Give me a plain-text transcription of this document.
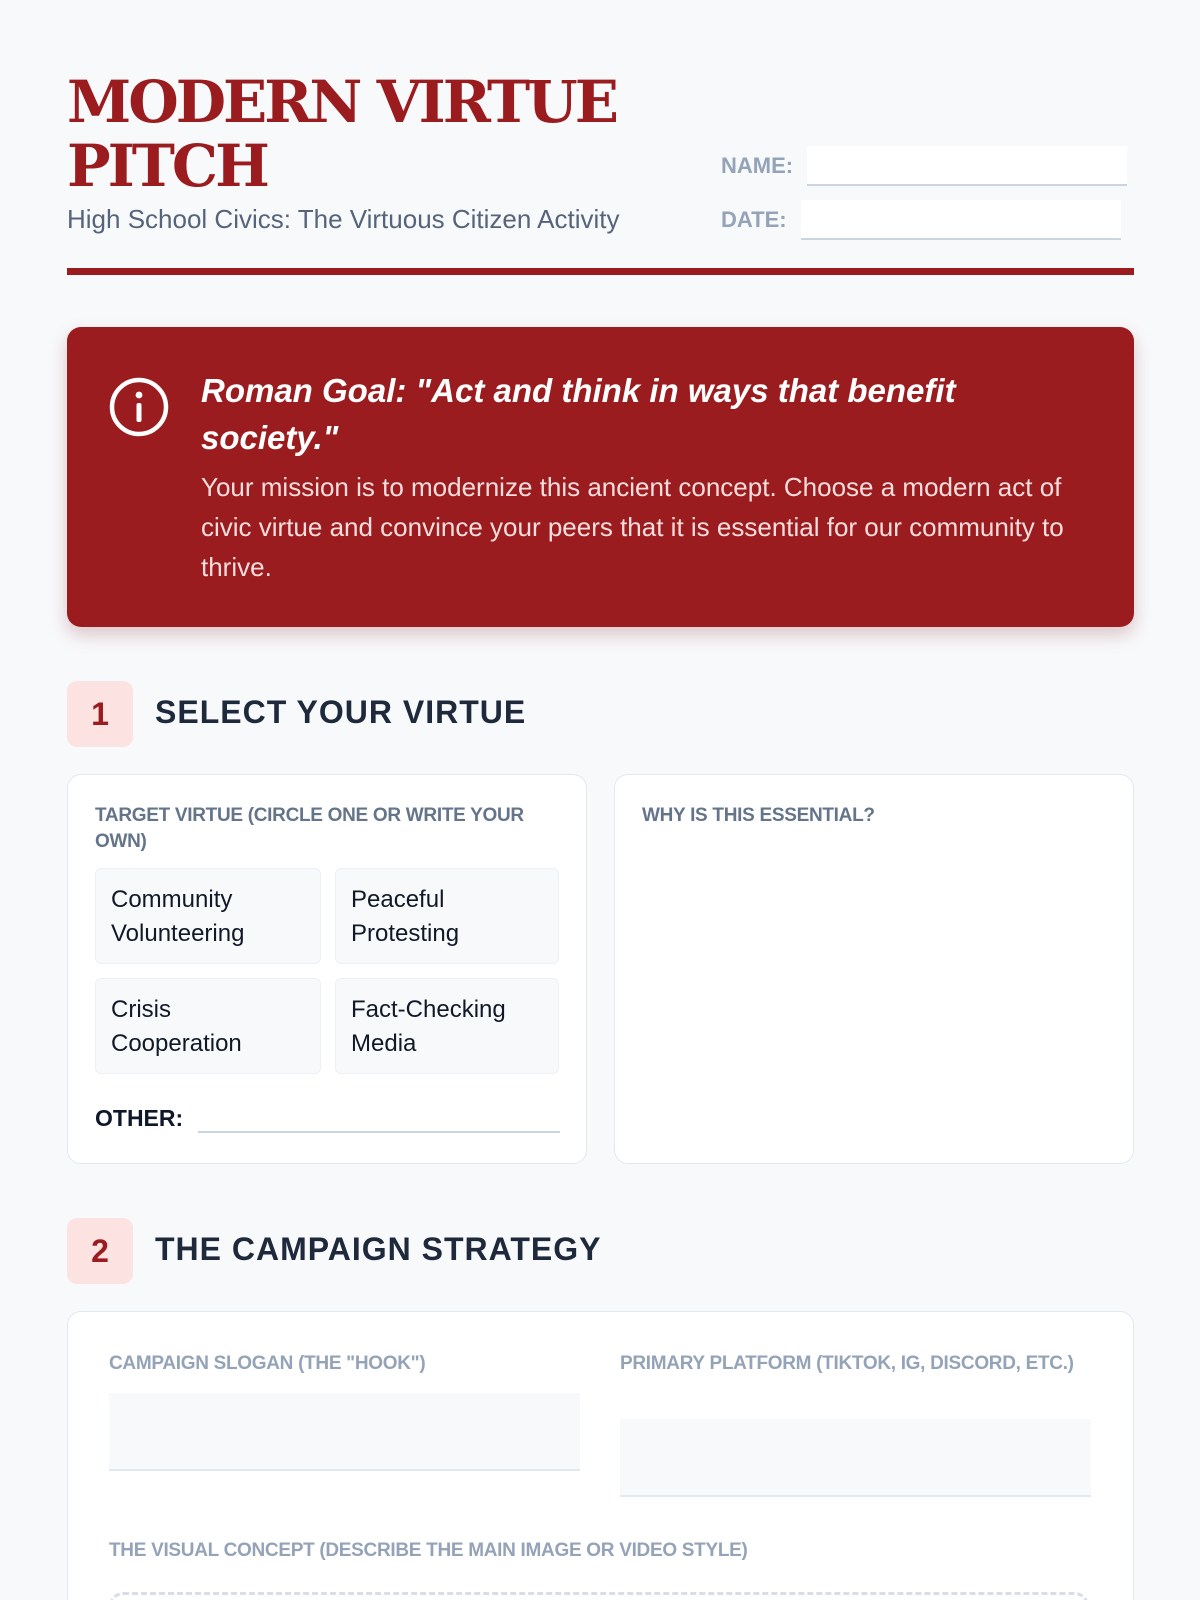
MODERN VIRTUE PITCH
High School Civics: The Virtuous Citizen Activity
NAME:
DATE:
Roman Goal: "Act and think in ways that benefit society."
Your mission is to modernize this ancient concept. Choose a modern act of civic virtue and convince your peers that it is essential for our community to thrive.
1	SELECT YOUR VIRTUE
TARGET VIRTUE (CIRCLE ONE OR WRITE YOUR OWN)
Community Volunteering
Peaceful Protesting
Crisis Cooperation
Fact-Checking Media
OTHER:
WHY IS THIS ESSENTIAL?
2	THE CAMPAIGN STRATEGY
CAMPAIGN SLOGAN (THE "HOOK")	PRIMARY PLATFORM (TIKTOK, IG, DISCORD, ETC.)
THE VISUAL CONCEPT (DESCRIBE THE MAIN IMAGE OR VIDEO STYLE)
